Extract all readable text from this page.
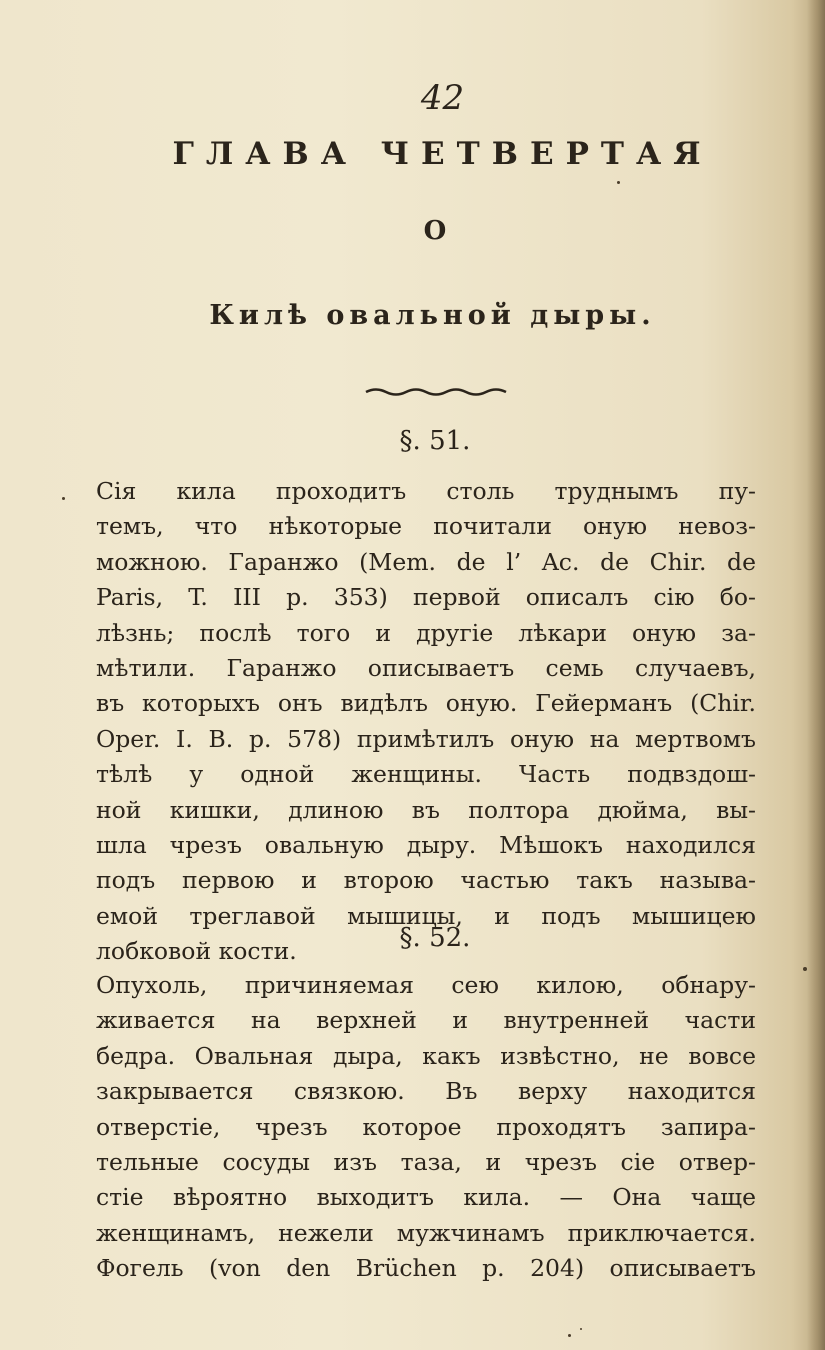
42
ГЛАВА ЧЕТВЕРТАЯ
О
Килѣ овальной дыры.
§. 51.
Сія кила проходитъ столь труднымъ пу-
темъ, что нѣкоторые почитали оную невоз-
можною. Гаранжо (Mem. de l’ Ac. de Chir. de
Paris, T. III p. 353) первой описалъ сію бо-
лѣзнь; послѣ того и другіе лѣкари оную за-
мѣтили. Гаранжо описываетъ семь случаевъ,
въ которыхъ онъ видѣлъ оную. Гейерманъ (Chir.
Oper. I. B. p. 578) примѣтилъ оную на мертвомъ
тѣлѣ у одной женщины. Часть подвздош-
ной кишки, длиною въ полтора дюйма, вы-
шла чрезъ овальную дыру. Мѣшокъ находился
подъ первою и второю частью такъ называ-
емой треглавой мышицы, и подъ мышицею
лобковой кости.	§. 52.
Опухоль, причиняемая сею килою, обнару-
живается на верхней и внутренней части
бедра. Овальная дыра, какъ извѣстно, не вовсе
закрывается связкою. Въ верху находится
отверстіе, чрезъ которое проходятъ запира-
тельные сосуды изъ таза, и чрезъ сіе отвер-
стіе вѣроятно выходитъ кила. — Она чаще
женщинамъ, нежели мужчинамъ приключается.
Фогель (von den Brüchen p. 204) описываетъ
